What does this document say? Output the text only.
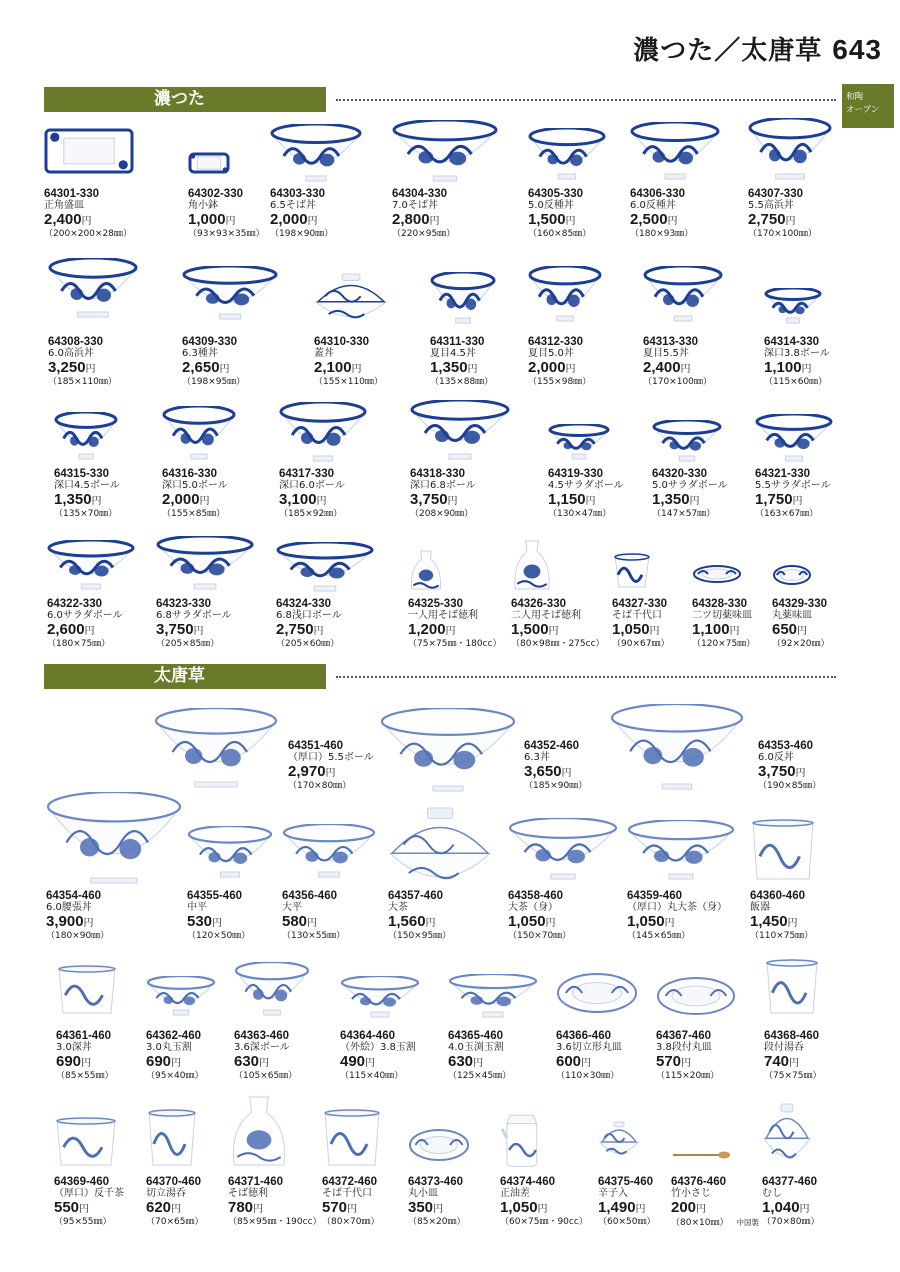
濃つた／太唐草 643
濃つた	和陶
オープン
太唐草
64301-330
正角盛皿
2,400円
（200×200×28㎜）
64302-330
角小鉢
1,000円
（93×93×35㎜）
64303-330
6.5そば丼
2,000円
（198×90㎜）
64304-330
7.0そば丼
2,800円
（220×95㎜）
64305-330
5.0反種丼
1,500円
（160×85㎜）
64306-330
6.0反種丼
2,500円
（180×93㎜）
64307-330
5.5高浜丼
2,750円
（170×100㎜）
64308-330
6.0高浜丼
3,250円
（185×110㎜）
64309-330
6.3種丼
2,650円
（198×95㎜）
64310-330
蓋丼
2,100円
（155×110㎜）
64311-330
夏目4.5丼
1,350円
（135×88㎜）
64312-330
夏目5.0丼
2,000円
（155×98㎜）
64313-330
夏目5.5丼
2,400円
（170×100㎜）
64314-330
深口3.8ボール
1,100円
（115×60㎜）
64315-330
深口4.5ボール
1,350円
（135×70㎜）
64316-330
深口5.0ボール
2,000円
（155×85㎜）
64317-330
深口6.0ボール
3,100円
（185×92㎜）
64318-330
深口6.8ボール
3,750円
（208×90㎜）
64319-330
4.5サラダボール
1,150円
（130×47㎜）
64320-330
5.0サラダボール
1,350円
（147×57㎜）
64321-330
5.5サラダボール
1,750円
（163×67㎜）
64322-330
6.0サラダボール
2,600円
（180×75㎜）
64323-330
6.8サラダボール
3,750円
（205×85㎜）
64324-330
6.8浅口ボール
2,750円
（205×60㎜）
64325-330
一人用そば徳利
1,200円
（75×75㎜・180cc）
64326-330
二人用そば徳利
1,500円
（80×98㎜・275cc）
64327-330
そば千代口
1,050円
（90×67㎜）
64328-330
二ツ切薬味皿
1,100円
（120×75㎜）
64329-330
丸薬味皿
650円
（92×20㎜）
64351-460
（厚口）5.5ボール
2,970円
（170×80㎜）
64352-460
6.3丼
3,650円
（185×90㎜）
64353-460
6.0反丼
3,750円
（190×85㎜）
64354-460
6.0腰張丼
3,900円
（180×90㎜）
64355-460
中平
530円
（120×50㎜）
64356-460
大平
580円
（130×55㎜）
64357-460
大茶
1,560円
（150×95㎜）
64358-460
大茶（身）
1,050円
（150×70㎜）
64359-460
（厚口）丸大茶（身）
1,050円
（145×65㎜）
64360-460
飯器
1,450円
（110×75㎜）
64361-460
3.0深丼
690円
（85×55㎜）
64362-460
3.0丸玉割
690円
（95×40㎜）
64363-460
3.6深ボール
630円
（105×65㎜）
64364-460
（外絵）3.8玉割
490円
（115×40㎜）
64365-460
4.0玉渕玉割
630円
（125×45㎜）
64366-460
3.6切立形丸皿
600円
（110×30㎜）
64367-460
3.8段付丸皿
570円
（115×20㎜）
64368-460
段付湯呑
740円
（75×75㎜）
64369-460
（厚口）反千茶
550円
（95×55㎜）
64370-460
切立湯呑
620円
（70×65㎜）
64371-460
そば徳利
780円
（85×95㎜・190cc）
64372-460
そば千代口
570円
（80×70㎜）
64373-460
丸小皿
350円
（85×20㎜）
64374-460
正油差
1,050円
（60×75㎜・90cc）
64375-460
辛子入
1,490円
（60×50㎜）
64376-460
竹小さじ
200円
（80×10㎜） 中国製
64377-460
むし
1,040円
（70×80㎜）
